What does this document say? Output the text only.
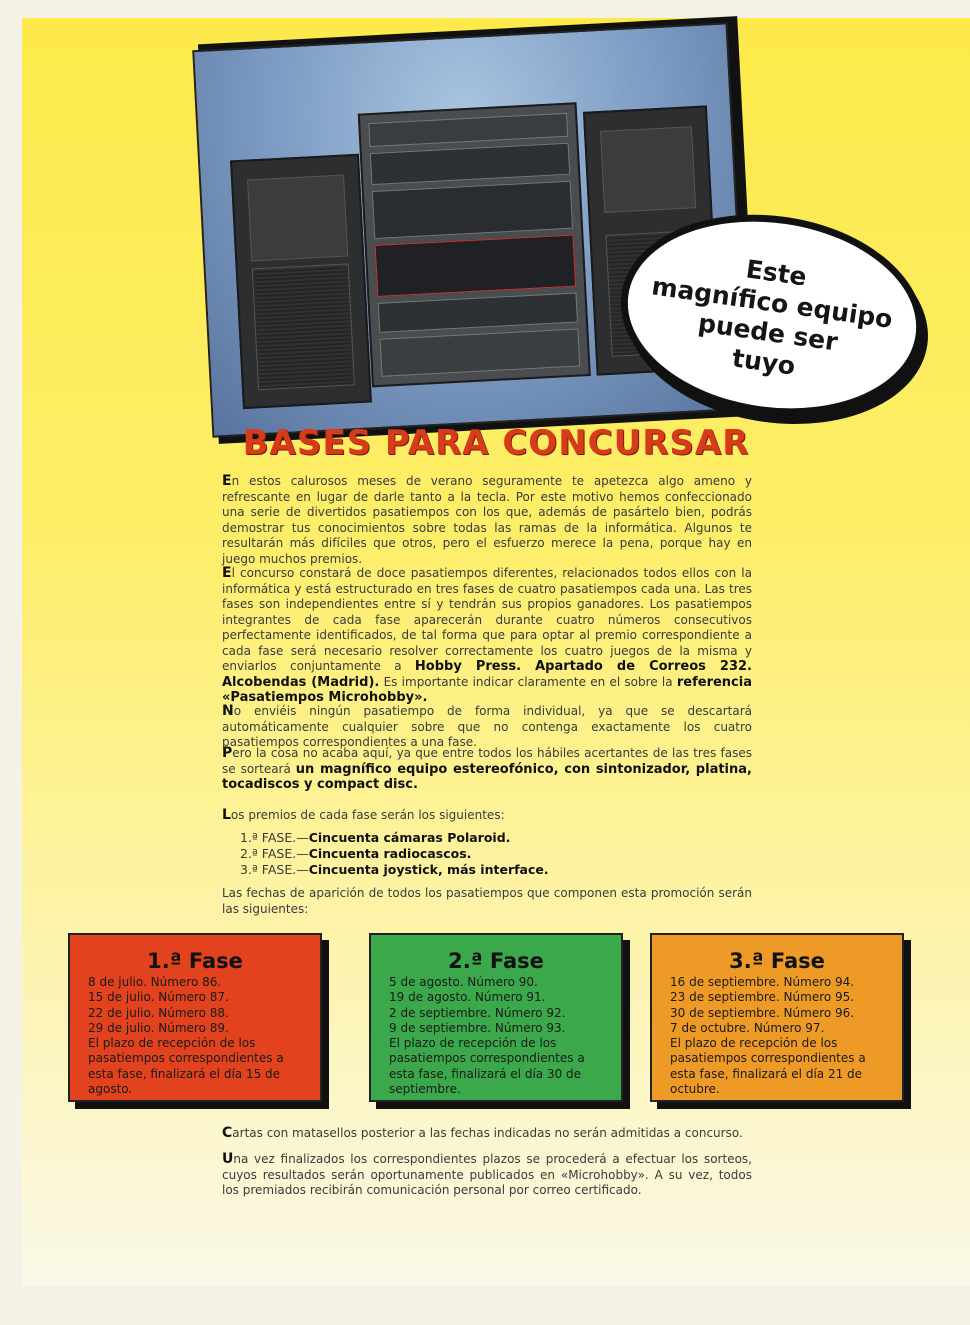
Este
magnífico equipo
puede ser
tuyo
BASES PARA CONCURSAR

En estos calurosos meses de verano seguramente te apetezca algo ameno y refrescante en lugar de darle tanto a la tecla. Por este motivo hemos confeccionado una serie de divertidos pasatiempos con los que, además de pasártelo bien, podrás demostrar tus conocimientos sobre todas las ramas de la informática. Algunos te resultarán más difíciles que otros, pero el esfuerzo merece la pena, porque hay en juego muchos premios.

El concurso constará de doce pasatiempos diferentes, relacionados todos ellos con la informática y está estructurado en tres fases de cuatro pasatiempos cada una. Las tres fases son independientes entre sí y tendrán sus propios ganadores. Los pasatiempos integrantes de cada fase aparecerán durante cuatro números consecutivos perfectamente identificados, de tal forma que para optar al premio correspondiente a cada fase será necesario resolver correctamente los cuatro juegos de la misma y enviarlos conjuntamente a Hobby Press. Apartado de Correos 232. Alcobendas (Madrid). Es importante indicar claramente en el sobre la referencia «Pasatiempos Microhobby».

No enviéis ningún pasatiempo de forma individual, ya que se descartará automáticamente cualquier sobre que no contenga exactamente los cuatro pasatiempos correspondientes a una fase.

Pero la cosa no acaba aquí, ya que entre todos los hábiles acertantes de las tres fases se sorteará un magnífico equipo estereofónico, con sintonizador, platina, tocadiscos y compact disc.

Los premios de cada fase serán los siguientes:

1.ª FASE.—Cincuenta cámaras Polaroid.
2.ª FASE.—Cincuenta radiocascos.
3.ª FASE.—Cincuenta joystick, más interface.

Las fechas de aparición de todos los pasatiempos que componen esta promoción serán las siguientes:

1.ª Fase
8 de julio. Número 86.
15 de julio. Número 87.
22 de julio. Número 88.
29 de julio. Número 89.
El plazo de recepción de los pasatiempos correspondientes a esta fase, finalizará el día 15 de agosto.
2.ª Fase
5 de agosto. Número 90.
19 de agosto. Número 91.
2 de septiembre. Número 92.
9 de septiembre. Número 93.
El plazo de recepción de los pasatiempos correspondientes a esta fase, finalizará el día 30 de septiembre.
3.ª Fase
16 de septiembre. Número 94.
23 de septiembre. Número 95.
30 de septiembre. Número 96.
7 de octubre. Número 97.
El plazo de recepción de los pasatiempos correspondientes a esta fase, finalizará el día 21 de octubre.

Cartas con matasellos posterior a las fechas indicadas no serán admitidas a concurso.

Una vez finalizados los correspondientes plazos se procederá a efectuar los sorteos, cuyos resultados serán oportunamente publicados en «Microhobby». A su vez, todos los premiados recibirán comunicación personal por correo certificado.
